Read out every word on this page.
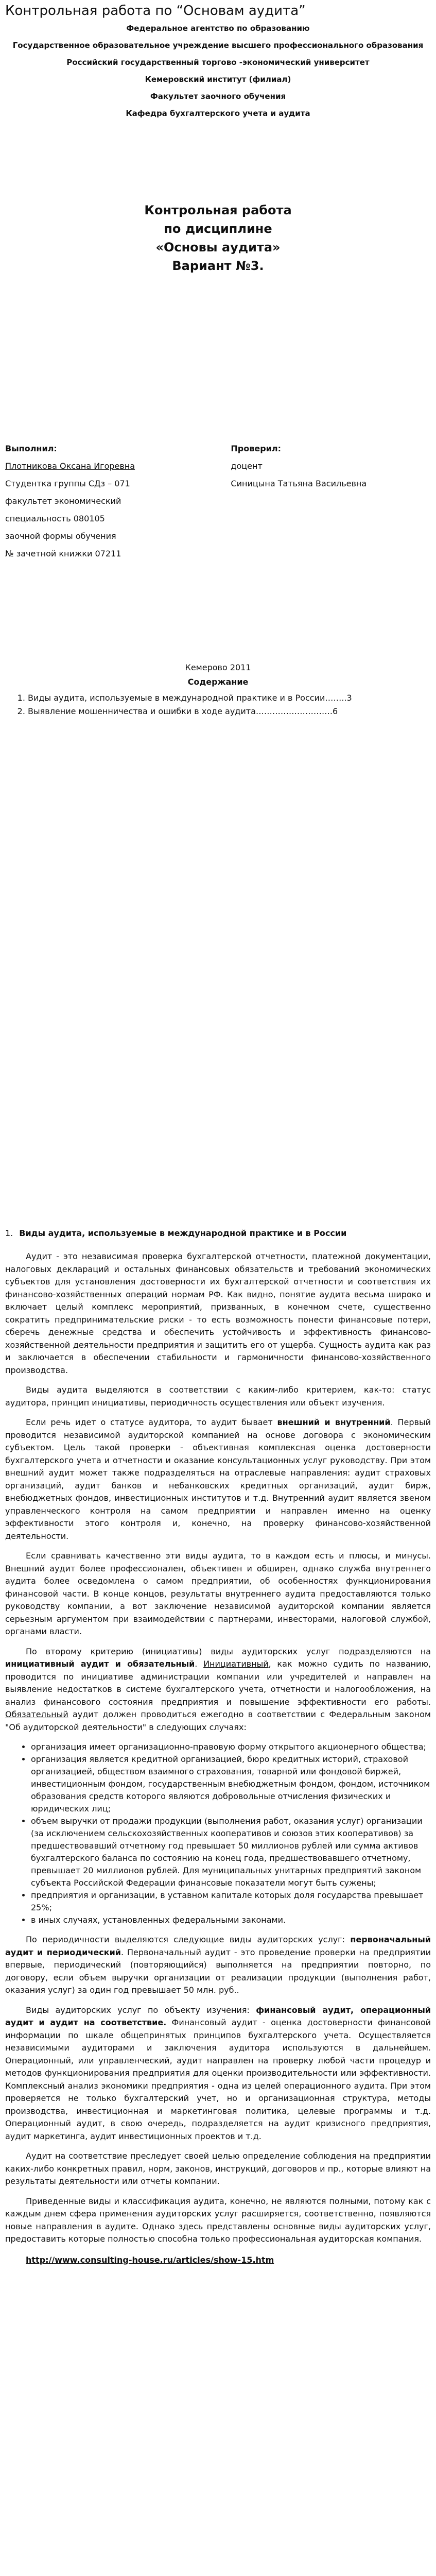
Контрольная работа по “Основам аудита”
Федеральное агентство по образованию
Государственное образовательное учреждение высшего профессионального образования
Российский государственный торгово -экономический университет
Кемеровский институт (филиал)
Факультет заочного обучения
Кафедра бухгалтерского учета и аудита
Контрольная работа
по дисциплине
«Основы аудита»
Вариант №3.
Выполнил:
Плотникова Оксана Игоревна
Студентка группы СДз – 071
факультет экономический
специальность 080105
заочной формы обучения
№ зачетной книжки 07211
Проверил:
доцент
Синицына Татьяна Васильевна
Кемерово 2011
Содержание
1. Виды аудита, используемые в международной практике и в России……..3
2. Выявление мошенничества и ошибки в ходе аудита……………………….6
1. Виды аудита, используемые в международной практике и в России

Аудит - это независимая проверка бухгалтерской отчетности, платежной документации, налоговых деклараций и остальных финансовых обязательств и требований экономических субъектов для установления достоверности их бухгалтерской отчетности и соответствия их финансово-хозяйственных операций нормам РФ. Как видно, понятие аудита весьма широко и включает целый комплекс мероприятий, призванных, в конечном счете, существенно сократить предпринимательские риски - то есть возможность понести финансовые потери, сберечь денежные средства и обеспечить устойчивость и эффективность финансово-хозяйственной деятельности предприятия и защитить его от ущерба. Сущность аудита как раз и заключается в обеспечении стабильности и гармоничности финансово-хозяйственного производства.

Виды аудита выделяются в соответствии с каким-либо критерием, как-то: статус аудитора, принцип инициативы, периодичность осуществления или объект изучения.

Если речь идет о статусе аудитора, то аудит бывает внешний и внутренний. Первый проводится независимой аудиторской компанией на основе договора с экономическим субъектом. Цель такой проверки - объективная комплексная оценка достоверности бухгалтерского учета и отчетности и оказание консультационных услуг руководству. При этом внешний аудит может также подразделяться на отраслевые направления: аудит страховых организаций, аудит банков и небанковских кредитных организаций, аудит бирж, внебюджетных фондов, инвестиционных институтов и т.д. Внутренний аудит является звеном управленческого контроля на самом предприятии и направлен именно на оценку эффективности этого контроля и, конечно, на проверку финансово-хозяйственной деятельности.

Если сравнивать качественно эти виды аудита, то в каждом есть и плюсы, и минусы. Внешний аудит более профессионален, объективен и обширен, однако служба внутреннего аудита более осведомлена о самом предприятии, об особенностях функционирования финансовой части. В конце концов, результаты внутреннего аудита предоставляются только руководству компании, а вот заключение независимой аудиторской компании является серьезным аргументом при взаимодействии с партнерами, инвесторами, налоговой службой, органами власти.

По второму критерию (инициативы) виды аудиторских услуг подразделяются на инициативный аудит и обязательный. Инициативный, как можно судить по названию, проводится по инициативе администрации компании или учредителей и направлен на выявление недостатков в системе бухгалтерского учета, отчетности и налогообложения, на анализ финансового состояния предприятия и повышение эффективности его работы. Обязательный аудит должен проводиться ежегодно в соответствии с Федеральным законом "Об аудиторской деятельности" в следующих случаях:

• организация имеет организационно-правовую форму открытого акционерного общества;
• организация является кредитной организацией, бюро кредитных историй, страховой организацией, обществом взаимного страхования, товарной или фондовой биржей, инвестиционным фондом, государственным внебюджетным фондом, фондом, источником образования средств которого являются добровольные отчисления физических и юридических лиц;
• объем выручки от продажи продукции (выполнения работ, оказания услуг) организации (за исключением сельскохозяйственных кооперативов и союзов этих кооперативов) за предшествовавший отчетному год превышает 50 миллионов рублей или сумма активов бухгалтерского баланса по состоянию на конец года, предшествовавшего отчетному, превышает 20 миллионов рублей. Для муниципальных унитарных предприятий законом субъекта Российской Федерации финансовые показатели могут быть сужены;
• предприятия и организации, в уставном капитале которых доля государства превышает 25%;
• в иных случаях, установленных федеральными законами.

По периодичности выделяются следующие виды аудиторских услуг: первоначальный аудит и периодический. Первоначальный аудит - это проведение проверки на предприятии впервые, периодический (повторяющийся) выполняется на предприятии повторно, по договору, если объем выручки организации от реализации продукции (выполнения работ, оказания услуг) за один год превышает 50 млн. руб..

Виды аудиторских услуг по объекту изучения: финансовый аудит, операционный аудит и аудит на соответствие. Финансовый аудит - оценка достоверности финансовой информации по шкале общепринятых принципов бухгалтерского учета. Осуществляется независимыми аудиторами и заключения аудитора используются в дальнейшем. Операционный, или управленческий, аудит направлен на проверку любой части процедур и методов функционирования предприятия для оценки производительности или эффективности. Комплексный анализ экономики предприятия - одна из целей операционного аудита. При этом проверяется не только бухгалтерский учет, но и организационная структура, методы производства, инвестиционная и маркетинговая политика, целевые программы и т.д. Операционный аудит, в свою очередь, подразделяется на аудит кризисного предприятия, аудит маркетинга, аудит инвестиционных проектов и т.д.

Аудит на соответствие преследует своей целью определение соблюдения на предприятии каких-либо конкретных правил, норм, законов, инструкций, договоров и пр., которые влияют на результаты деятельности или отчеты компании.

Приведенные виды и классификация аудита, конечно, не являются полными, потому как с каждым днем сфера применения аудиторских услуг расширяется, соответственно, появляются новые направления в аудите. Однако здесь представлены основные виды аудиторских услуг, предоставить которые полностью способна только профессиональная аудиторская компания.

http://www.consulting-house.ru/articles/show-15.htm
